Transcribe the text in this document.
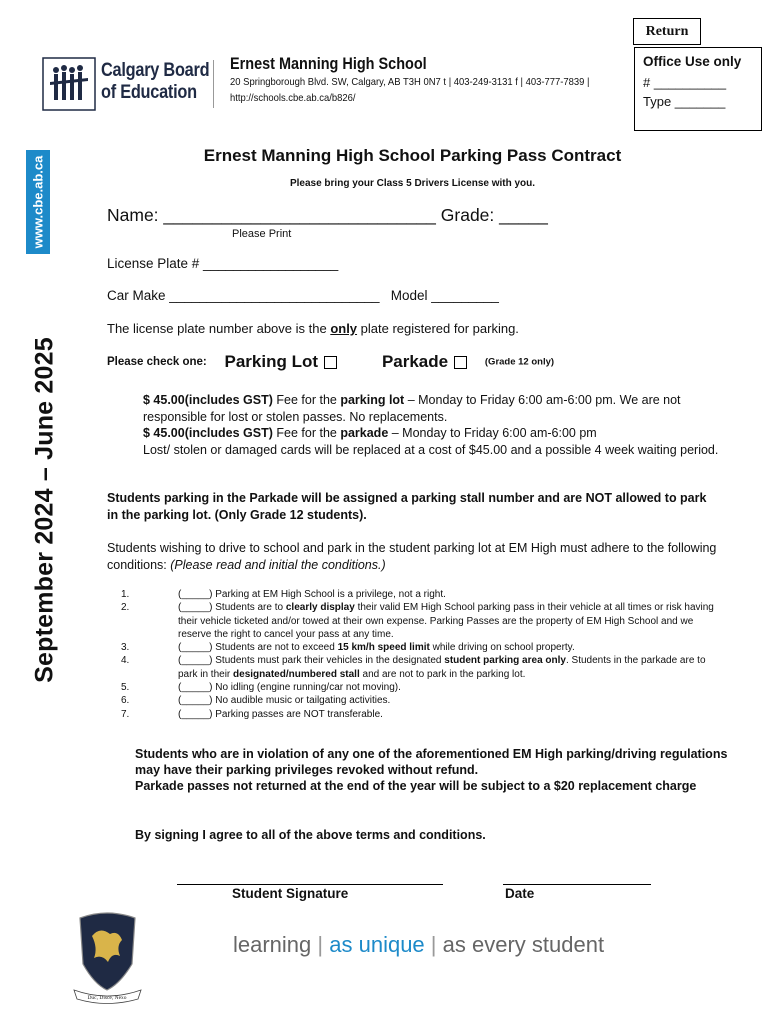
Return
Office Use only
# __________
Type _______
Calgary Board
of Education
Ernest Manning High School
20 Springborough Blvd. SW, Calgary, AB T3H 0N7 t | 403-249-3131 f | 403-777-7839 |
http://schools.cbe.ab.ca/b826/
www.cbe.ab.ca
September 2024 – June 2025
Ernest Manning High School Parking Pass Contract
Please bring your Class 5 Drivers License with you.
Name: ____________________________ Grade: _____
Please Print
License Plate # __________________
Car Make ____________________________ Model _________
The license plate number above is the only plate registered for parking.
Please check one: Parking Lot	Parkade	(Grade 12 only)
$ 45.00(includes GST) Fee for the parking lot – Monday to Friday 6:00 am-6:00 pm. We are not responsible for lost or stolen passes. No replacements.
$ 45.00(includes GST) Fee for the parkade – Monday to Friday 6:00 am-6:00 pm
Lost/ stolen or damaged cards will be replaced at a cost of $45.00 and a possible 4 week waiting period.
Students parking in the Parkade will be assigned a parking stall number and are NOT allowed to park in the parking lot. (Only Grade 12 students).
Students wishing to drive to school and park in the student parking lot at EM High must adhere to the following conditions: (Please read and initial the conditions.)
1.	(_____) Parking at EM High School is a privilege, not a right.
2.	(_____) Students are to clearly display their valid EM High School parking pass in their vehicle at all times or risk having their vehicle ticketed and/or towed at their own expense. Parking Passes are the property of EM High School and we reserve the right to cancel your pass at any time.
3.	(_____) Students are not to exceed 15 km/h speed limit while driving on school property.
4.	(_____) Students must park their vehicles in the designated student parking area only. Students in the parkade are to park in their designated/numbered stall and are not to park in the parking lot.
5.	(_____) No idling (engine running/car not moving).
6.	(_____) No audible music or tailgating activities.
7.	(_____) Parking passes are NOT transferable.
Students who are in violation of any one of the aforementioned EM High parking/driving regulations may have their parking privileges revoked without refund.
Parkade passes not returned at the end of the year will be subject to a $20 replacement charge
By signing I agree to all of the above terms and conditions.
Student Signature	Date
Duc, Disce, Nexo
learning | as unique | as every student
